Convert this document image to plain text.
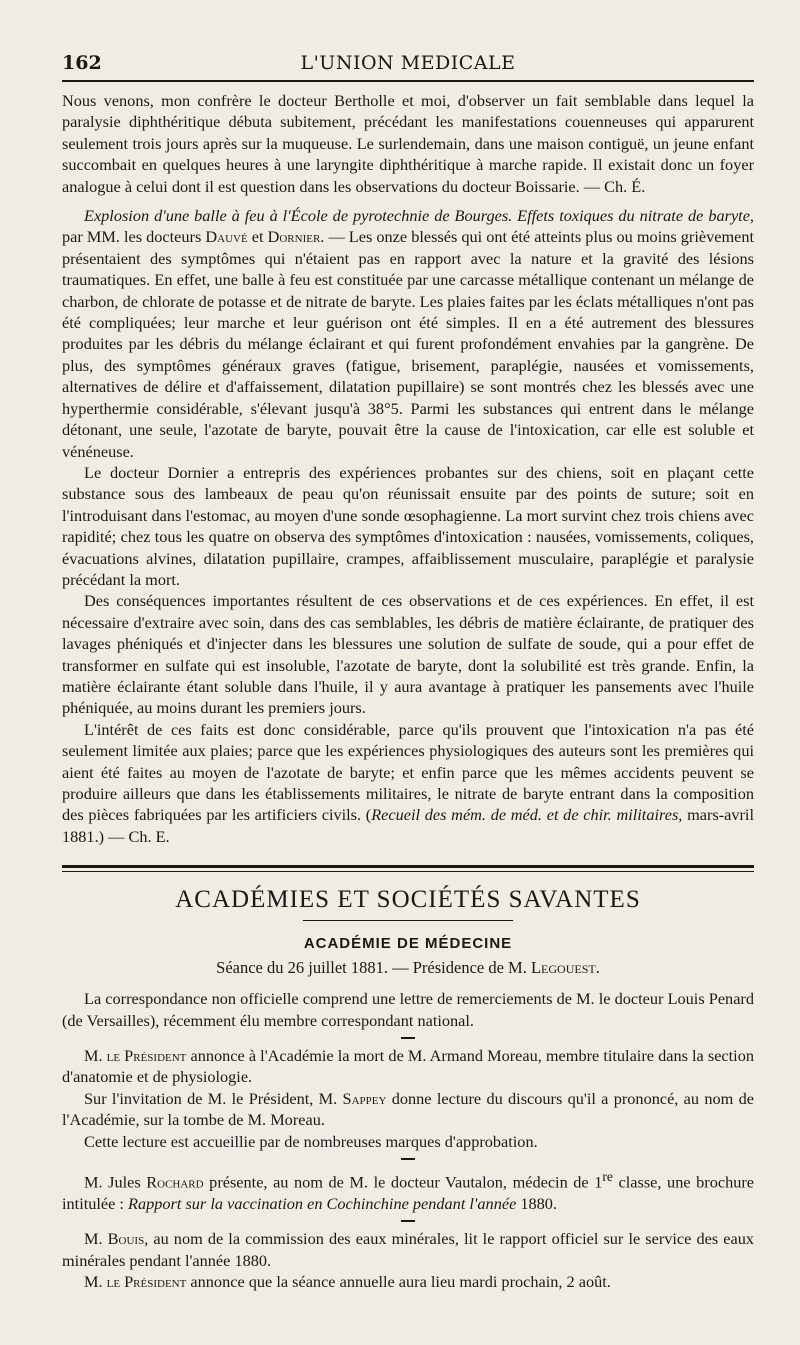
162	L'UNION MEDICALE

Nous venons, mon confrère le docteur Bertholle et moi, d'observer un fait semblable dans lequel la paralysie diphthéritique débuta subitement, précédant les manifestations couenneuses qui apparurent seulement trois jours après sur la muqueuse. Le surlendemain, dans une maison contiguë, un jeune enfant succombait en quelques heures à une laryngite diphthéritique à marche rapide. Il existait donc un foyer analogue à celui dont il est question dans les observations du docteur Boissarie. — Ch. É.

Explosion d'une balle à feu à l'École de pyrotechnie de Bourges. Effets toxiques du nitrate de baryte, par MM. les docteurs Dauvé et Dornier. — Les onze blessés qui ont été atteints plus ou moins grièvement présentaient des symptômes qui n'étaient pas en rapport avec la nature et la gravité des lésions traumatiques. En effet, une balle à feu est constituée par une carcasse métallique contenant un mélange de charbon, de chlorate de potasse et de nitrate de baryte. Les plaies faites par les éclats métalliques n'ont pas été compliquées; leur marche et leur guérison ont été simples. Il en a été autrement des blessures produites par les débris du mélange éclairant et qui furent profondément envahies par la gangrène. De plus, des symptômes généraux graves (fatigue, brisement, paraplégie, nausées et vomissements, alternatives de délire et d'affaissement, dilatation pupillaire) se sont montrés chez les blessés avec une hyperthermie considérable, s'élevant jusqu'à 38°5. Parmi les substances qui entrent dans le mélange détonant, une seule, l'azotate de baryte, pouvait être la cause de l'intoxication, car elle est soluble et vénéneuse.

Le docteur Dornier a entrepris des expériences probantes sur des chiens, soit en plaçant cette substance sous des lambeaux de peau qu'on réunissait ensuite par des points de suture; soit en l'introduisant dans l'estomac, au moyen d'une sonde œsophagienne. La mort survint chez trois chiens avec rapidité; chez tous les quatre on observa des symptômes d'intoxication : nausées, vomissements, coliques, évacuations alvines, dilatation pupillaire, crampes, affaiblissement musculaire, paraplégie et paralysie précédant la mort.

Des conséquences importantes résultent de ces observations et de ces expériences. En effet, il est nécessaire d'extraire avec soin, dans des cas semblables, les débris de matière éclairante, de pratiquer des lavages phéniqués et d'injecter dans les blessures une solution de sulfate de soude, qui a pour effet de transformer en sulfate qui est insoluble, l'azotate de baryte, dont la solubilité est très grande. Enfin, la matière éclairante étant soluble dans l'huile, il y aura avantage à pratiquer les pansements avec l'huile phéniquée, au moins durant les premiers jours.

L'intérêt de ces faits est donc considérable, parce qu'ils prouvent que l'intoxication n'a pas été seulement limitée aux plaies; parce que les expériences physiologiques des auteurs sont les premières qui aient été faites au moyen de l'azotate de baryte; et enfin parce que les mêmes accidents peuvent se produire ailleurs que dans les établissements militaires, le nitrate de baryte entrant dans la composition des pièces fabriquées par les artificiers civils. (Recueil des mém. de méd. et de chir. militaires, mars-avril 1881.) — Ch. E.

ACADÉMIES ET SOCIÉTÉS SAVANTES
ACADÉMIE DE MÉDECINE
Séance du 26 juillet 1881. — Présidence de M. Legouest.

La correspondance non officielle comprend une lettre de remerciements de M. le docteur Louis Penard (de Versailles), récemment élu membre correspondant national.

M. le Président annonce à l'Académie la mort de M. Armand Moreau, membre titulaire dans la section d'anatomie et de physiologie.

Sur l'invitation de M. le Président, M. Sappey donne lecture du discours qu'il a prononcé, au nom de l'Académie, sur la tombe de M. Moreau.

Cette lecture est accueillie par de nombreuses marques d'approbation.

M. Jules Rochard présente, au nom de M. le docteur Vautalon, médecin de 1re classe, une brochure intitulée : Rapport sur la vaccination en Cochinchine pendant l'année 1880.

M. Bouis, au nom de la commission des eaux minérales, lit le rapport officiel sur le service des eaux minérales pendant l'année 1880.

M. le Président annonce que la séance annuelle aura lieu mardi prochain, 2 août.
